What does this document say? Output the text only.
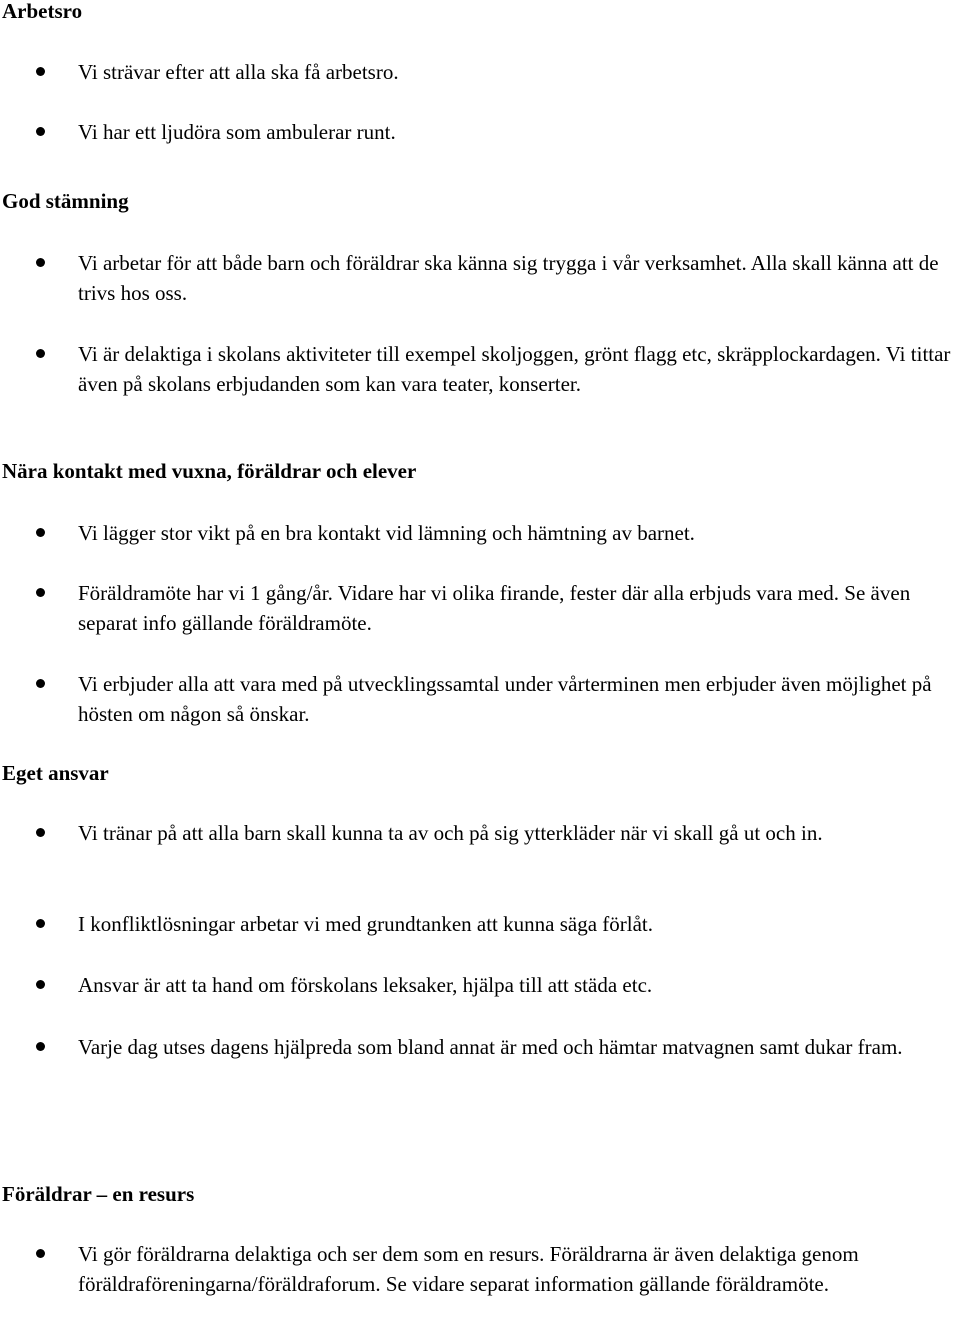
Arbetsro

Vi strävar efter att alla ska få arbetsro.

Vi har ett ljudöra som ambulerar runt.

God stämning

Vi arbetar för att både barn och föräldrar ska känna sig trygga i vår verksamhet. Alla skall känna att de trivs hos oss.

Vi är delaktiga i skolans aktiviteter till exempel skoljoggen, grönt flagg etc, skräpplockardagen. Vi tittar även på skolans erbjudanden som kan vara teater, konserter.

Nära kontakt med vuxna, föräldrar och elever

Vi lägger stor vikt på en bra kontakt vid lämning och hämtning av barnet.

Föräldramöte har vi 1 gång/år. Vidare har vi olika firande, fester där alla erbjuds vara med. Se även separat info gällande föräldramöte.

Vi erbjuder alla att vara med på utvecklingssamtal under vårterminen men erbjuder även möjlighet på hösten om någon så önskar.

Eget ansvar

Vi tränar på att alla barn skall kunna ta av och på sig ytterkläder när vi skall gå ut och in.

I konfliktlösningar arbetar vi med grundtanken att kunna säga förlåt.

Ansvar är att ta hand om förskolans leksaker, hjälpa till att städa etc.

Varje dag utses dagens hjälpreda som bland annat är med och hämtar matvagnen samt dukar fram.

Föräldrar – en resurs

Vi gör föräldrarna delaktiga och ser dem som en resurs. Föräldrarna är även delaktiga genom föräldraföreningarna/föräldraforum. Se vidare separat information gällande föräldramöte.
